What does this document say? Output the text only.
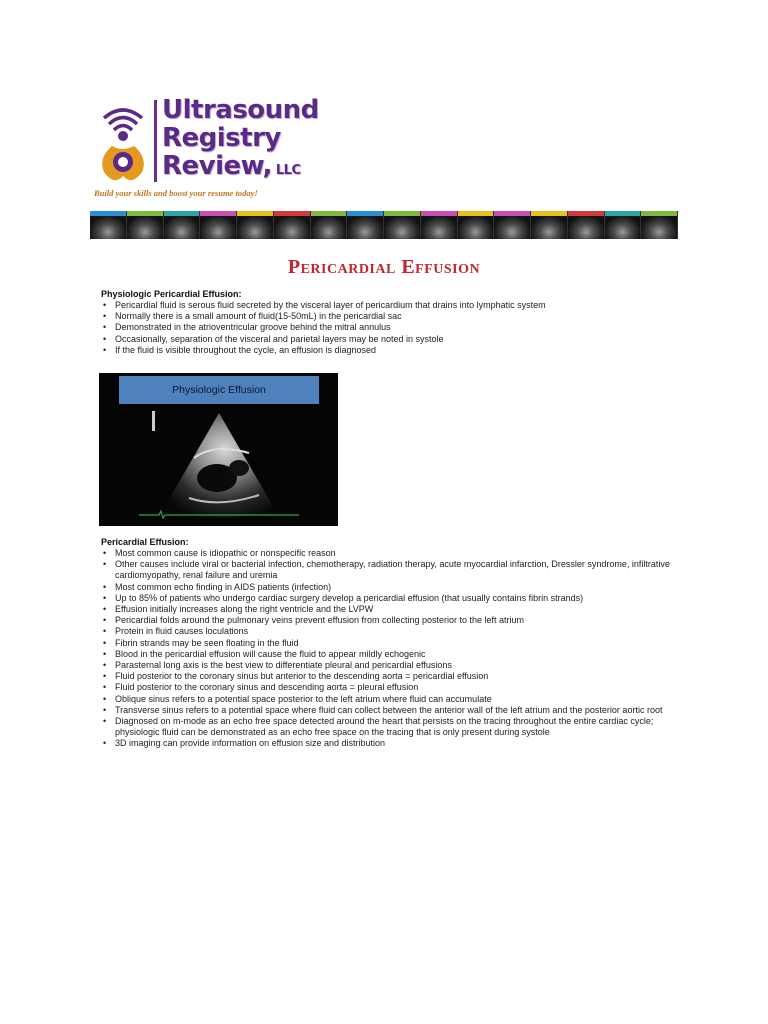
Ultrasound
Registry
Review, LLC
Build your skills and boost your resume today!
Pericardial Effusion
Physiologic Pericardial Effusion:
• Pericardial fluid is serous fluid secreted by the visceral layer of pericardium that drains into lymphatic system
• Normally there is a small amount of fluid(15-50mL) in the pericardial sac
• Demonstrated in the atrioventricular groove behind the mitral annulus
• Occasionally, separation of the visceral and parietal layers may be noted in systole
• If the fluid is visible throughout the cycle, an effusion is diagnosed
Physiologic Effusion
Pericardial Effusion:
• Most common cause is idiopathic or nonspecific reason
• Other causes include viral or bacterial infection, chemotherapy, radiation therapy, acute myocardial infarction, Dressler syndrome, infiltrative cardiomyopathy, renal failure and uremia
• Most common echo finding in AIDS patients (infection)
• Up to 85% of patients who undergo cardiac surgery develop a pericardial effusion (that usually contains fibrin strands)
• Effusion initially increases along the right ventricle and the LVPW
• Pericardial folds around the pulmonary veins prevent effusion from collecting posterior to the left atrium
• Protein in fluid causes loculations
• Fibrin strands may be seen floating in the fluid
• Blood in the pericardial effusion will cause the fluid to appear mildly echogenic
• Parasternal long axis is the best view to differentiate pleural and pericardial effusions
• Fluid posterior to the coronary sinus but anterior to the descending aorta = pericardial effusion
• Fluid posterior to the coronary sinus and descending aorta = pleural effusion
• Oblique sinus refers to a potential space posterior to the left atrium where fluid can accumulate
• Transverse sinus refers to a potential space where fluid can collect between the anterior wall of the left atrium and the posterior aortic root
• Diagnosed on m-mode as an echo free space detected around the heart that persists on the tracing throughout the entire cardiac cycle; physiologic fluid can be demonstrated as an echo free space on the tracing that is only present during systole
• 3D imaging can provide information on effusion size and distribution
